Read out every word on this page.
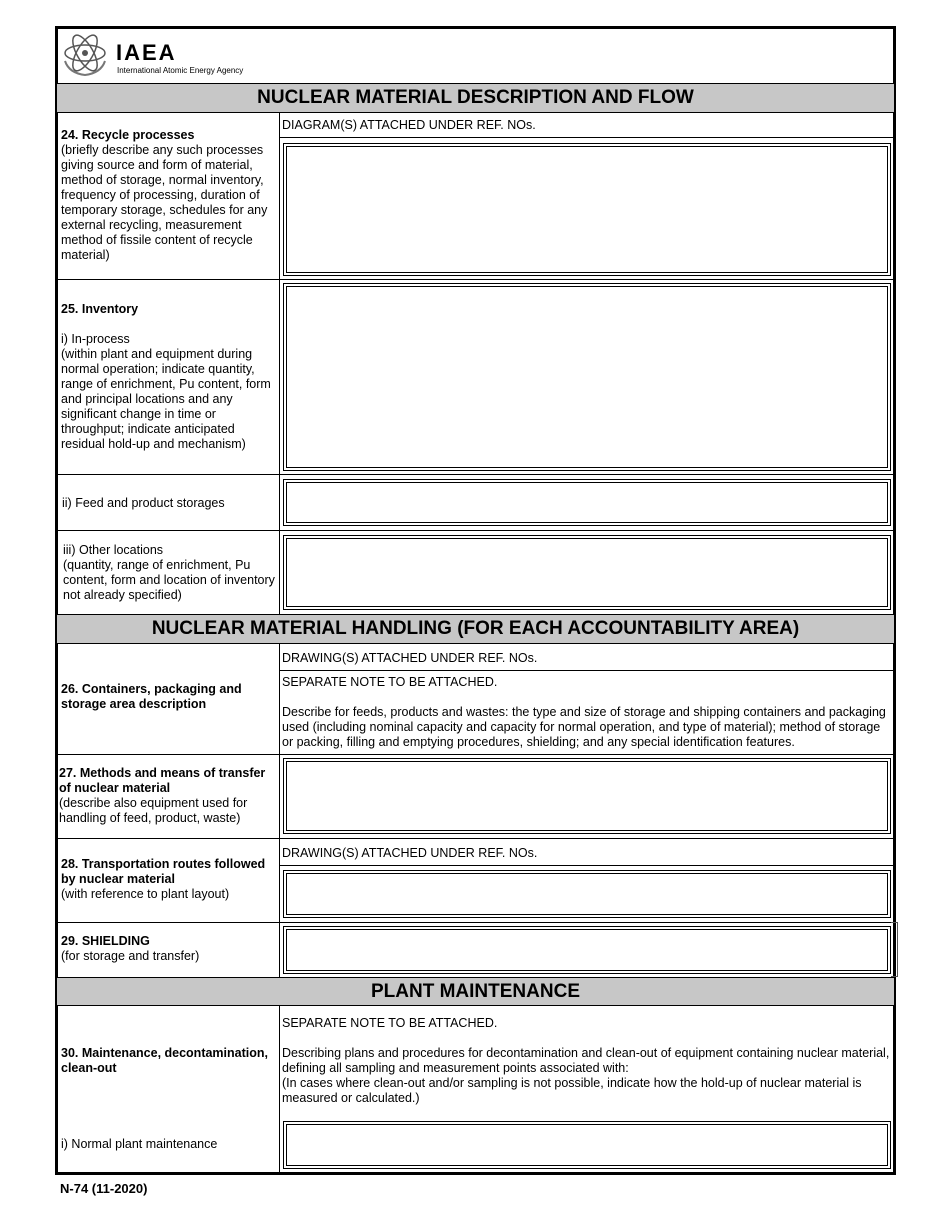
IAEA
International Atomic Energy Agency
NUCLEAR MATERIAL DESCRIPTION AND FLOW
24. Recycle processes
(briefly describe any such processes giving source and form of material, method of storage, normal inventory, frequency of processing, duration of temporary storage, schedules for any external recycling, measurement method of fissile content of recycle material)
DIAGRAM(S) ATTACHED UNDER REF. NOs.
25. Inventory

i) In-process
(within plant and equipment during normal operation; indicate quantity, range of enrichment, Pu content, form and principal locations and any significant change in time or throughput; indicate anticipated residual hold-up and mechanism)
ii) Feed and product storages
iii) Other locations
(quantity, range of enrichment, Pu content, form and location of inventory not already specified)
NUCLEAR MATERIAL HANDLING (FOR EACH ACCOUNTABILITY AREA)
26. Containers, packaging and storage area description
DRAWING(S) ATTACHED UNDER REF. NOs.
SEPARATE NOTE TO BE ATTACHED.
Describe for feeds, products and wastes: the type and size of storage and shipping containers and packaging used (including nominal capacity and capacity for normal operation, and type of material); method of storage or packing, filling and emptying procedures, shielding; and any special identification features.
27. Methods and means of transfer of nuclear material
(describe also equipment used for handling of feed, product, waste)
28. Transportation routes followed by nuclear material
(with reference to plant layout)
DRAWING(S) ATTACHED UNDER REF. NOs.
29. SHIELDING
(for storage and transfer)
PLANT MAINTENANCE
30. Maintenance, decontamination, clean-out
SEPARATE NOTE TO BE ATTACHED.
Describing plans and procedures for decontamination and clean-out of equipment containing nuclear material, defining all sampling and measurement points associated with:
(In cases where clean-out and/or sampling is not possible, indicate how the hold-up of nuclear material is measured or calculated.)
i) Normal plant maintenance
N-74 (11-2020)
